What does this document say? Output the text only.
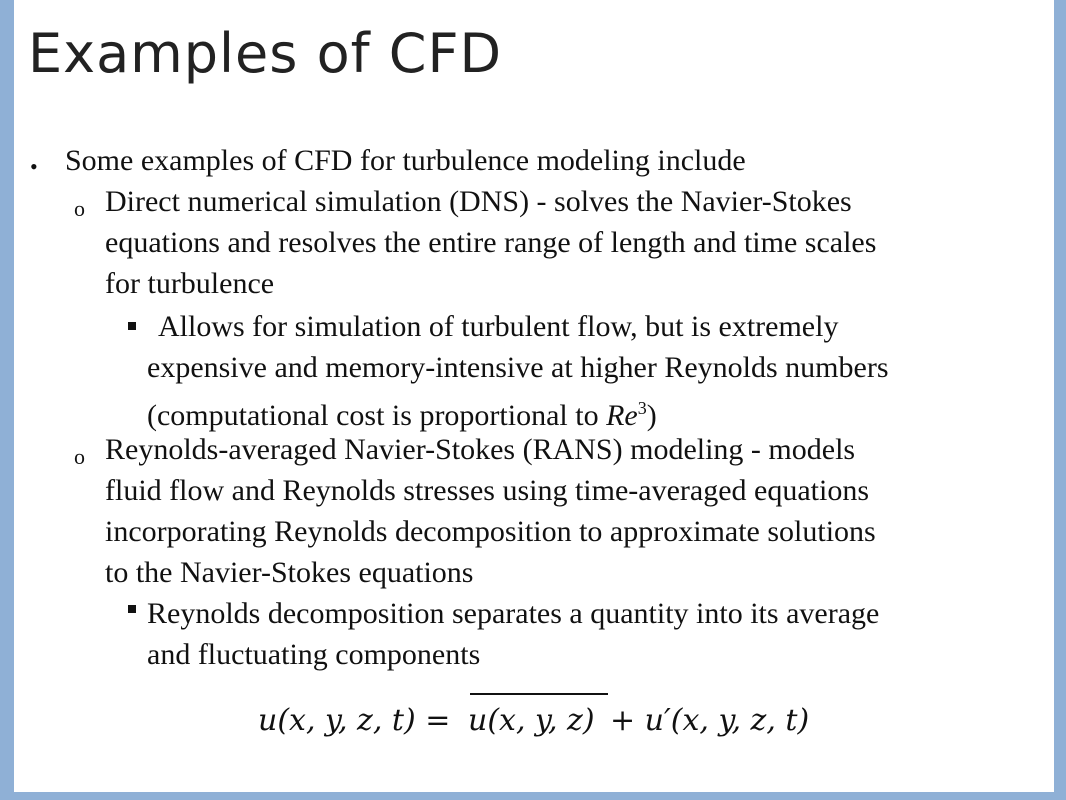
Examples of CFD
• Some examples of CFD for turbulence modeling include
o Direct numerical simulation (DNS) - solves the Navier-Stokes
equations and resolves the entire range of length and time scales
for turbulence
Allows for simulation of turbulent flow, but is extremely
expensive and memory-intensive at higher Reynolds numbers
(computational cost is proportional to Re$^3$)
o Reynolds-averaged Navier-Stokes (RANS) modeling - models
fluid flow and Reynolds stresses using time-averaged equations
incorporating Reynolds decomposition to approximate solutions
to the Navier-Stokes equations
Reynolds decomposition separates a quantity into its average
and fluctuating components
u(x, y, z, t) = u(x, y, z) + u′(x, y, z, t)
